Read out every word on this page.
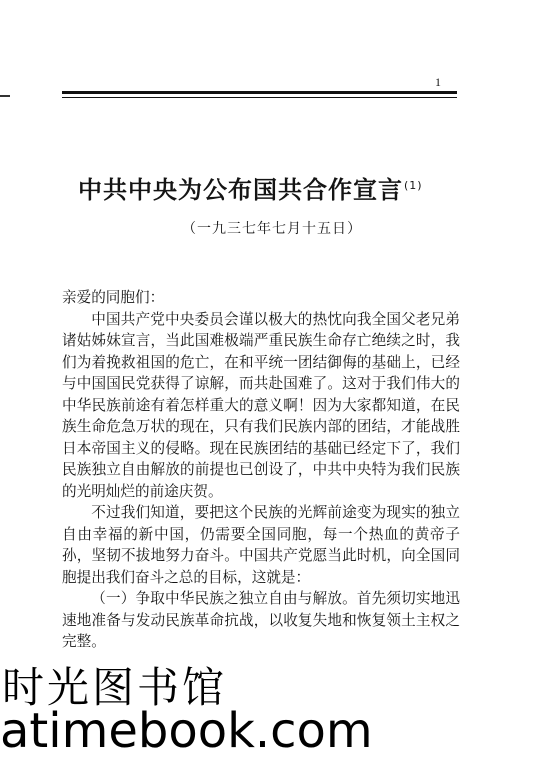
1
中共中央为公布国共合作宣言$^{(1)}$
（一九三七年七月十五日）

亲爱的同胞们：

中国共产党中央委员会谨以极大的热忱向我全国父老兄弟诸姑姊妹宣言，当此国难极端严重民族生命存亡绝续之时，我们为着挽救祖国的危亡，在和平统一团结御侮的基础上，已经与中国国民党获得了谅解，而共赴国难了。这对于我们伟大的中华民族前途有着怎样重大的意义啊！因为大家都知道，在民族生命危急万状的现在，只有我们民族内部的团结，才能战胜日本帝国主义的侵略。现在民族团结的基础已经定下了，我们民族独立自由解放的前提也已创设了，中共中央特为我们民族的光明灿烂的前途庆贺。

不过我们知道，要把这个民族的光辉前途变为现实的独立自由幸福的新中国，仍需要全国同胞，每一个热血的黄帝子孙，坚韧不拔地努力奋斗。中国共产党愿当此时机，向全国同胞提出我们奋斗之总的目标，这就是：

（一）争取中华民族之独立自由与解放。首先须切实地迅速地准备与发动民族革命抗战，以收复失地和恢复领土主权之完整。

时光图书馆
atimebook.com
